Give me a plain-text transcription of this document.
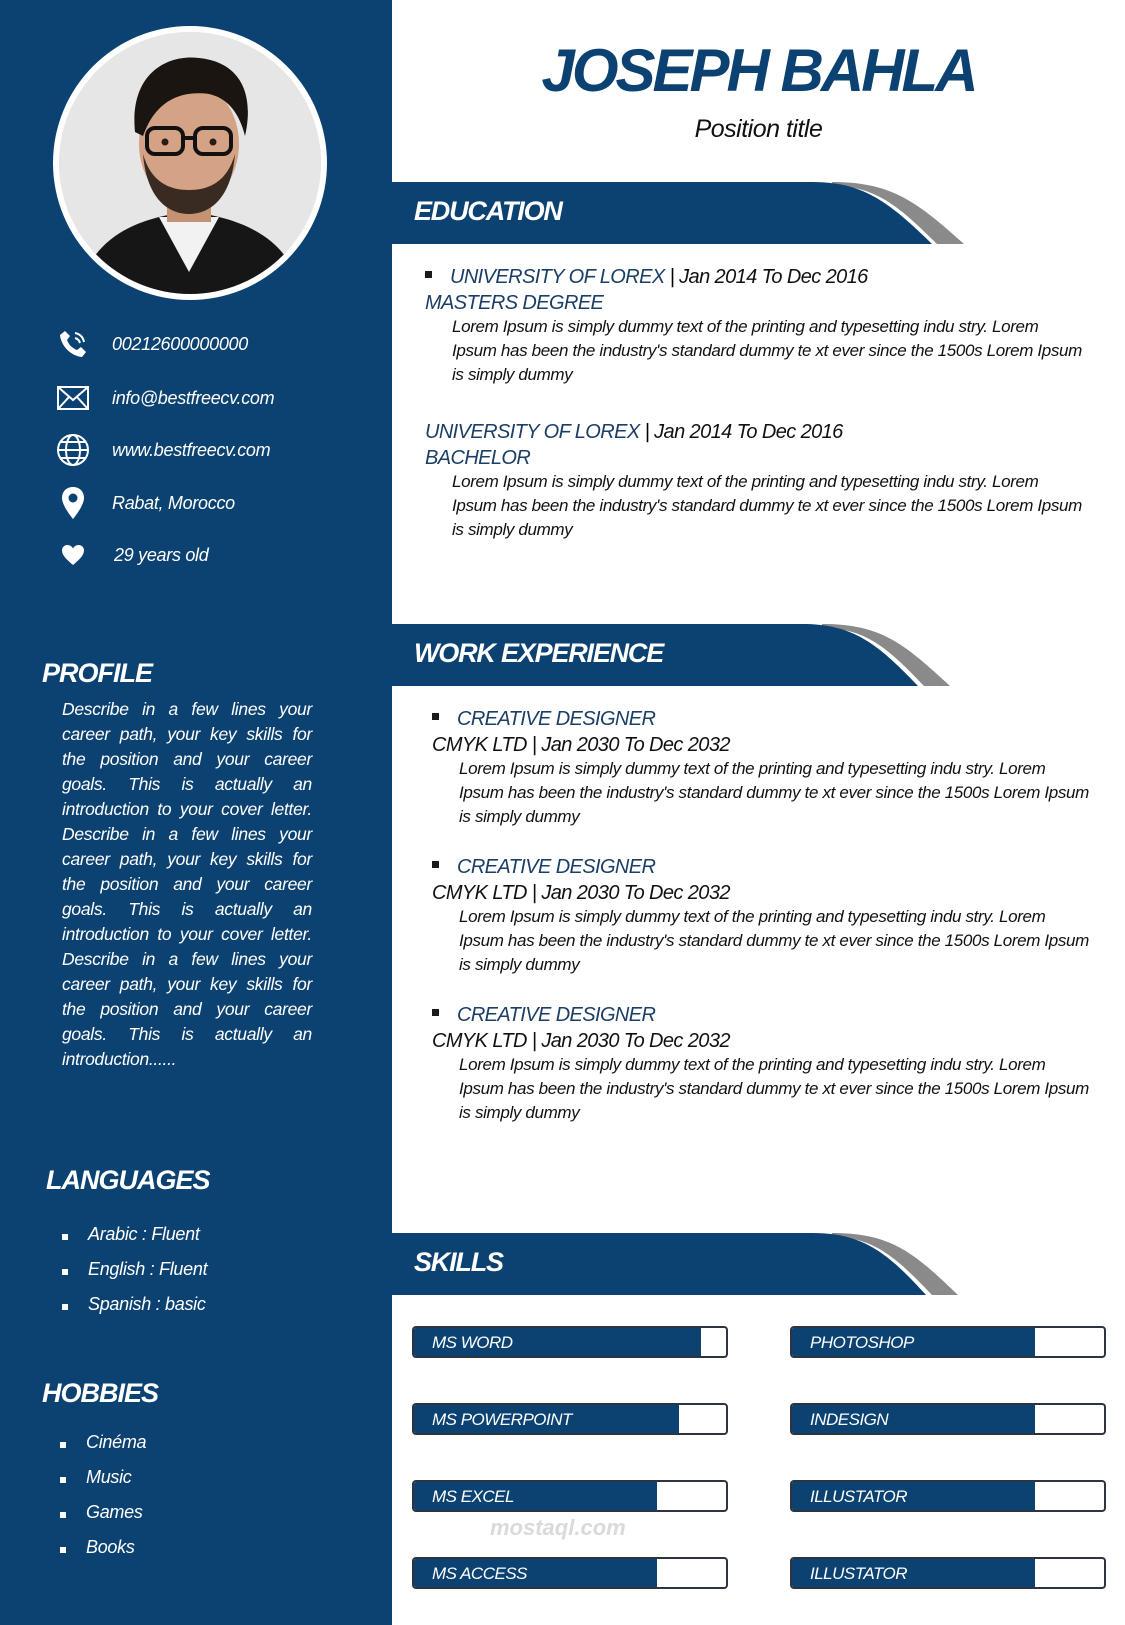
00212600000000
info@bestfreecv.com
www.bestfreecv.com
Rabat, Morocco
29 years old
PROFILE
Describe in a few lines your career path, your key skills for the position and your career goals. This is actually an introduction to your cover letter. Describe in a few lines your career path, your key skills for the position and your career goals. This is actually an introduction to your cover letter. Describe in a few lines your career path, your key skills for the position and your career goals. This is actually an introduction......
LANGUAGES
Arabic : Fluent
English : Fluent
Spanish : basic
HOBBIES
Cinéma
Music
Games
Books
JOSEPH BAHLA
Position title
EDUCATION
UNIVERSITY OF LOREX | Jan 2014 To Dec 2016
MASTERS DEGREE
Lorem Ipsum is simply dummy text of the printing and typesetting indu stry. Lorem Ipsum has been the industry's standard dummy te xt ever since the 1500s Lorem Ipsum is simply dummy
UNIVERSITY OF LOREX | Jan 2014 To Dec 2016
BACHELOR
Lorem Ipsum is simply dummy text of the printing and typesetting indu stry. Lorem Ipsum has been the industry's standard dummy te xt ever since the 1500s Lorem Ipsum is simply dummy
WORK EXPERIENCE
CREATIVE DESIGNER
CMYK LTD | Jan 2030 To Dec 2032
Lorem Ipsum is simply dummy text of the printing and typesetting indu stry. Lorem Ipsum has been the industry's standard dummy te xt ever since the 1500s Lorem Ipsum is simply dummy
CREATIVE DESIGNER
CMYK LTD | Jan 2030 To Dec 2032
Lorem Ipsum is simply dummy text of the printing and typesetting indu stry. Lorem Ipsum has been the industry's standard dummy te xt ever since the 1500s Lorem Ipsum is simply dummy
CREATIVE DESIGNER
CMYK LTD | Jan 2030 To Dec 2032
Lorem Ipsum is simply dummy text of the printing and typesetting indu stry. Lorem Ipsum has been the industry's standard dummy te xt ever since the 1500s Lorem Ipsum is simply dummy
SKILLS
MS WORD	PHOTOSHOP
MS POWERPOINT	INDESIGN
MS EXCEL	ILLUSTATOR
MS ACCESS	ILLUSTATOR
mostaql.com
